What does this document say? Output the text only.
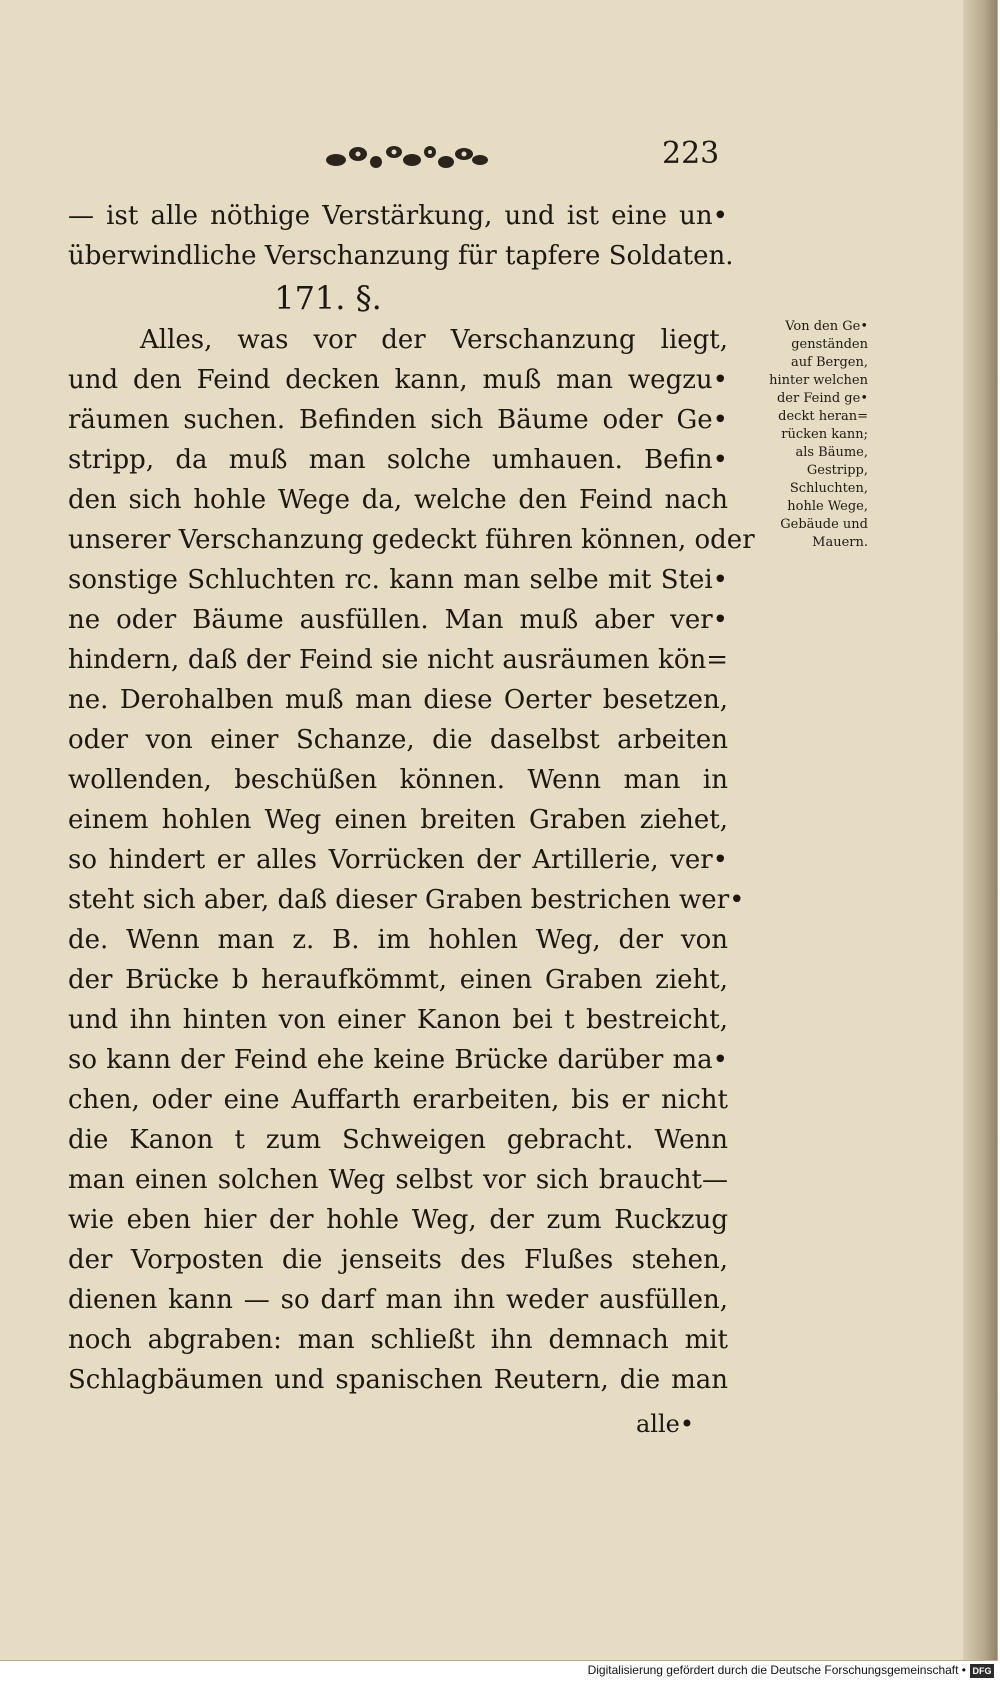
223
— ist alle nöthige Verstärkung, und ist eine un•
überwindliche Verschanzung für tapfere Soldaten.
171. §.
Alles, was vor der Verschanzung liegt,
und den Feind decken kann, muß man wegzu•
räumen suchen. Befinden sich Bäume oder Ge•
stripp, da muß man solche umhauen. Befin•
den sich hohle Wege da, welche den Feind nach
unserer Verschanzung gedeckt führen können, oder
sonstige Schluchten rc. kann man selbe mit Stei•
ne oder Bäume ausfüllen. Man muß aber ver•
hindern, daß der Feind sie nicht ausräumen kön=
ne. Derohalben muß man diese Oerter besetzen,
oder von einer Schanze, die daselbst arbeiten
wollenden, beschüßen können. Wenn man in
einem hohlen Weg einen breiten Graben ziehet,
so hindert er alles Vorrücken der Artillerie, ver•
steht sich aber, daß dieser Graben bestrichen wer•
de. Wenn man z. B. im hohlen Weg, der von
der Brücke b heraufkömmt, einen Graben zieht,
und ihn hinten von einer Kanon bei t bestreicht,
so kann der Feind ehe keine Brücke darüber ma•
chen, oder eine Auffarth erarbeiten, bis er nicht
die Kanon t zum Schweigen gebracht. Wenn
man einen solchen Weg selbst vor sich braucht—
wie eben hier der hohle Weg, der zum Ruckzug
der Vorposten die jenseits des Flußes stehen,
dienen kann — so darf man ihn weder ausfüllen,
noch abgraben: man schließt ihn demnach mit
Schlagbäumen und spanischen Reutern, die man
alle•
Von den Ge•
genständen
auf Bergen,
hinter welchen
der Feind ge•
deckt heran=
rücken kann;
als Bäume,
Gestripp,
Schluchten,
hohle Wege,
Gebäude und
Mauern.
Digitalisierung gefördert durch die Deutsche Forschungsgemeinschaft • DFG
